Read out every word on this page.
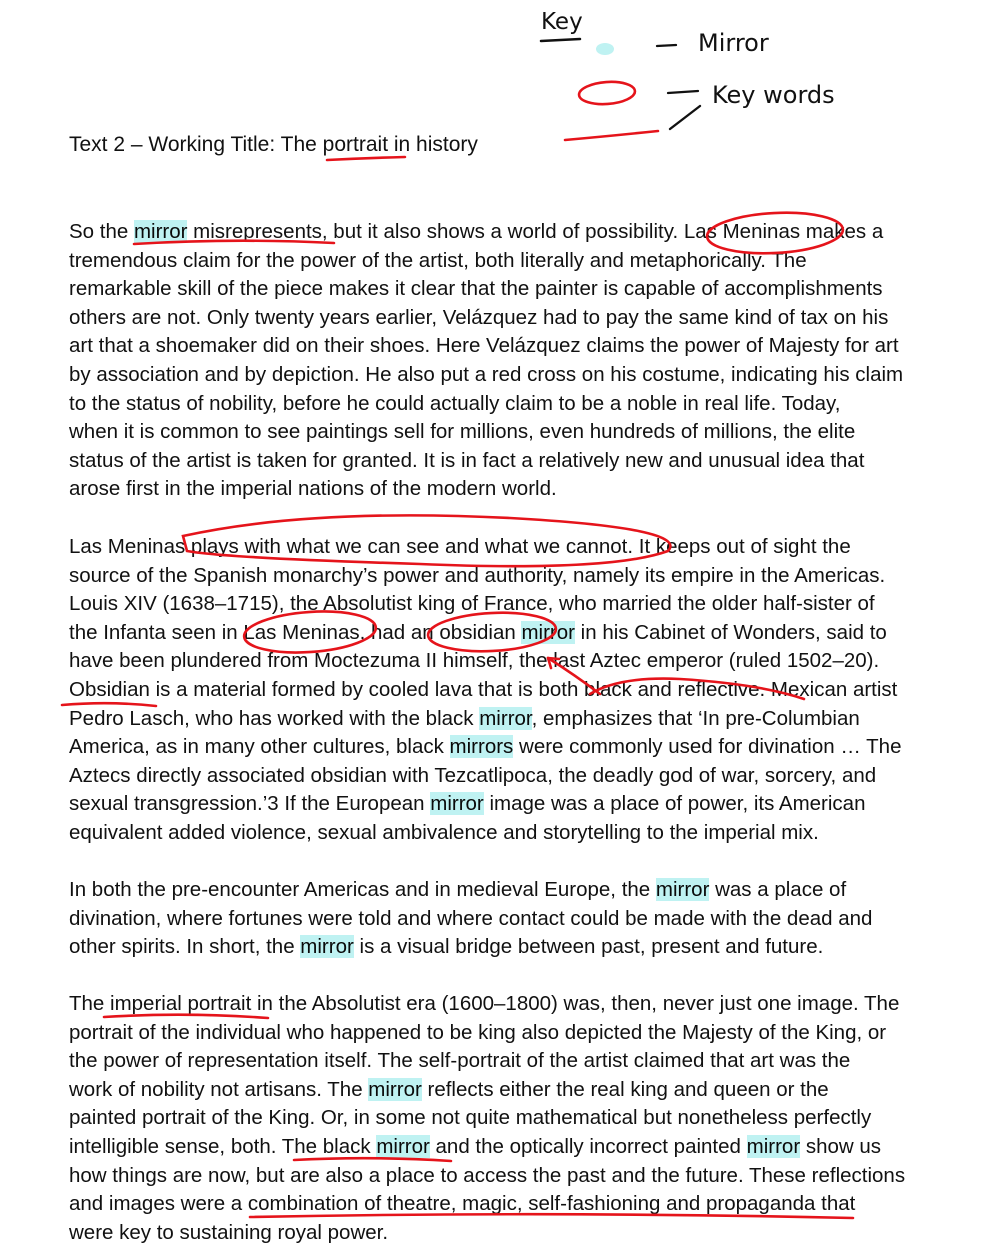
Key
Mirror
Key words
Text 2 – Working Title: The portrait in history
So the mirror misrepresents, but it also shows a world of possibility. Las Meninas makes a
tremendous claim for the power of the artist, both literally and metaphorically. The
remarkable skill of the piece makes it clear that the painter is capable of accomplishments
others are not. Only twenty years earlier, Velázquez had to pay the same kind of tax on his
art that a shoemaker did on their shoes. Here Velázquez claims the power of Majesty for art
by association and by depiction. He also put a red cross on his costume, indicating his claim
to the status of nobility, before he could actually claim to be a noble in real life. Today,
when it is common to see paintings sell for millions, even hundreds of millions, the elite
status of the artist is taken for granted. It is in fact a relatively new and unusual idea that
arose first in the imperial nations of the modern world.
Las Meninas plays with what we can see and what we cannot. It keeps out of sight the
source of the Spanish monarchy’s power and authority, namely its empire in the Americas.
Louis XIV (1638–1715), the Absolutist king of France, who married the older half-sister of
the Infanta seen in Las Meninas, had an obsidian mirror in his Cabinet of Wonders, said to
have been plundered from Moctezuma II himself, the last Aztec emperor (ruled 1502–20).
Obsidian is a material formed by cooled lava that is both black and reflective. Mexican artist
Pedro Lasch, who has worked with the black mirror, emphasizes that ‘In pre-Columbian
America, as in many other cultures, black mirrors were commonly used for divination … The
Aztecs directly associated obsidian with Tezcatlipoca, the deadly god of war, sorcery, and
sexual transgression.’3 If the European mirror image was a place of power, its American
equivalent added violence, sexual ambivalence and storytelling to the imperial mix.
In both the pre-encounter Americas and in medieval Europe, the mirror was a place of
divination, where fortunes were told and where contact could be made with the dead and
other spirits. In short, the mirror is a visual bridge between past, present and future.
The imperial portrait in the Absolutist era (1600–1800) was, then, never just one image. The
portrait of the individual who happened to be king also depicted the Majesty of the King, or
the power of representation itself. The self-portrait of the artist claimed that art was the
work of nobility not artisans. The mirror reflects either the real king and queen or the
painted portrait of the King. Or, in some not quite mathematical but nonetheless perfectly
intelligible sense, both. The black mirror and the optically incorrect painted mirror show us
how things are now, but are also a place to access the past and the future. These reflections
and images were a combination of theatre, magic, self-fashioning and propaganda that
were key to sustaining royal power.
